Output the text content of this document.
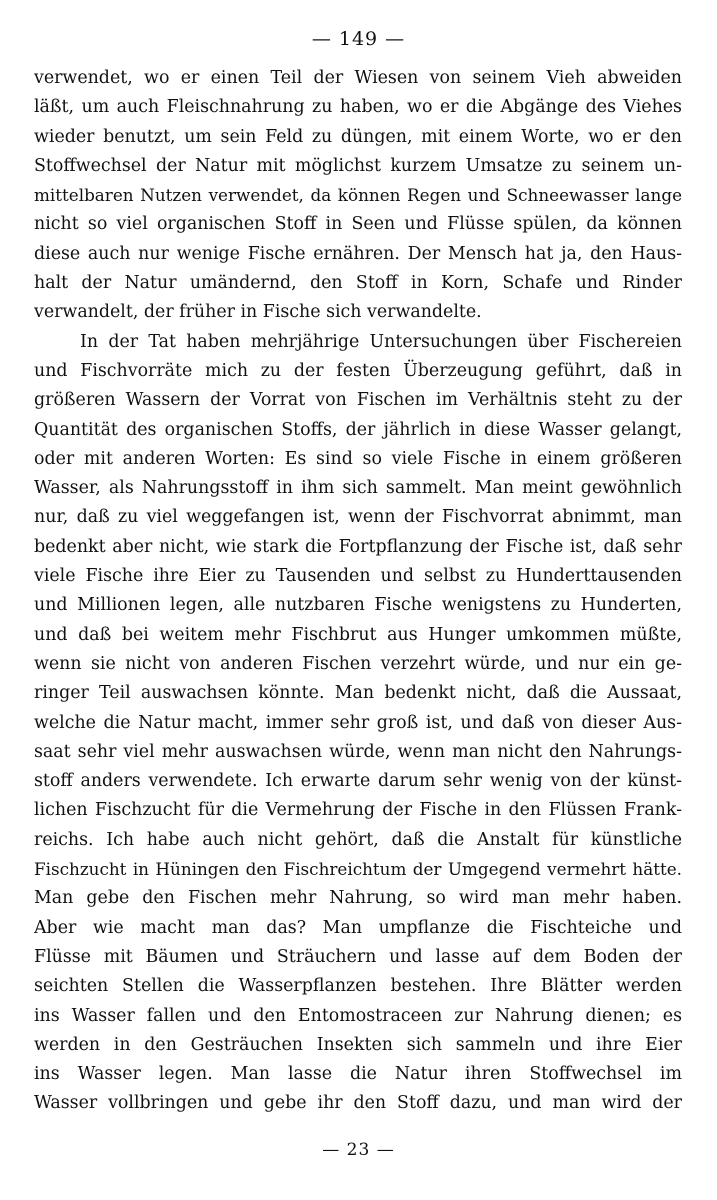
— 149 —
verwendet, wo er einen Teil der Wiesen von seinem Vieh abweiden
läßt, um auch Fleischnahrung zu haben, wo er die Abgänge des Viehes
wieder benutzt, um sein Feld zu düngen, mit einem Worte, wo er den
Stoffwechsel der Natur mit möglichst kurzem Umsatze zu seinem un-
mittelbaren Nutzen verwendet, da können Regen und Schneewasser lange
nicht so viel organischen Stoff in Seen und Flüsse spülen, da können
diese auch nur wenige Fische ernähren. Der Mensch hat ja, den Haus-
halt der Natur umändernd, den Stoff in Korn, Schafe und Rinder
verwandelt, der früher in Fische sich verwandelte.
In der Tat haben mehrjährige Untersuchungen über Fischereien
und Fischvorräte mich zu der festen Überzeugung geführt, daß in
größeren Wassern der Vorrat von Fischen im Verhältnis steht zu der
Quantität des organischen Stoffs, der jährlich in diese Wasser gelangt,
oder mit anderen Worten: Es sind so viele Fische in einem größeren
Wasser, als Nahrungsstoff in ihm sich sammelt. Man meint gewöhnlich
nur, daß zu viel weggefangen ist, wenn der Fischvorrat abnimmt, man
bedenkt aber nicht, wie stark die Fortpflanzung der Fische ist, daß sehr
viele Fische ihre Eier zu Tausenden und selbst zu Hunderttausenden
und Millionen legen, alle nutzbaren Fische wenigstens zu Hunderten,
und daß bei weitem mehr Fischbrut aus Hunger umkommen müßte,
wenn sie nicht von anderen Fischen verzehrt würde, und nur ein ge-
ringer Teil auswachsen könnte. Man bedenkt nicht, daß die Aussaat,
welche die Natur macht, immer sehr groß ist, und daß von dieser Aus-
saat sehr viel mehr auswachsen würde, wenn man nicht den Nahrungs-
stoff anders verwendete. Ich erwarte darum sehr wenig von der künst-
lichen Fischzucht für die Vermehrung der Fische in den Flüssen Frank-
reichs. Ich habe auch nicht gehört, daß die Anstalt für künstliche
Fischzucht in Hüningen den Fischreichtum der Umgegend vermehrt hätte.
Man gebe den Fischen mehr Nahrung, so wird man mehr haben.
Aber wie macht man das? Man umpflanze die Fischteiche und
Flüsse mit Bäumen und Sträuchern und lasse auf dem Boden der
seichten Stellen die Wasserpflanzen bestehen. Ihre Blätter werden
ins Wasser fallen und den Entomostraceen zur Nahrung dienen; es
werden in den Gesträuchen Insekten sich sammeln und ihre Eier
ins Wasser legen. Man lasse die Natur ihren Stoffwechsel im
Wasser vollbringen und gebe ihr den Stoff dazu, und man wird der
— 23 —
